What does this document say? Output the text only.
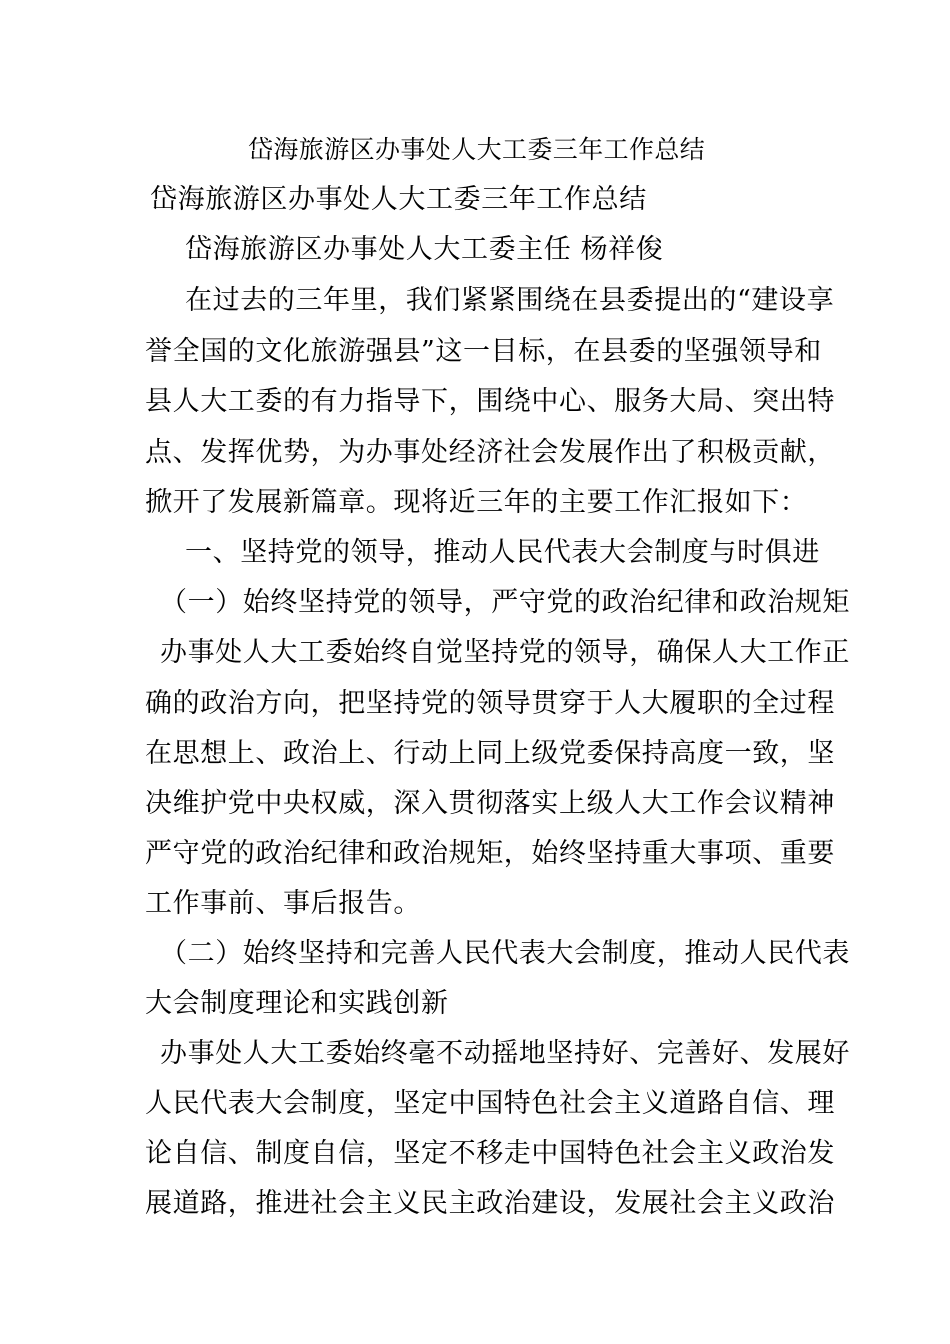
岱海旅游区办事处人大工委三年工作总结
岱海旅游区办事处人大工委三年工作总结
岱海旅游区办事处人大工委主任 杨祥俊
在过去的三年里，我们紧紧围绕在县委提出的“建设享
誉全国的文化旅游强县”这一目标，在县委的坚强领导和
县人大工委的有力指导下，围绕中心、服务大局、突出特
点、发挥优势，为办事处经济社会发展作出了积极贡献，
掀开了发展新篇章。现将近三年的主要工作汇报如下：
一、坚持党的领导，推动人民代表大会制度与时俱进
（一）始终坚持党的领导，严守党的政治纪律和政治规矩
办事处人大工委始终自觉坚持党的领导，确保人大工作正
确的政治方向，把坚持党的领导贯穿于人大履职的全过程
在思想上、政治上、行动上同上级党委保持高度一致，坚
决维护党中央权威，深入贯彻落实上级人大工作会议精神
严守党的政治纪律和政治规矩，始终坚持重大事项、重要
工作事前、事后报告。
（二）始终坚持和完善人民代表大会制度，推动人民代表
大会制度理论和实践创新
办事处人大工委始终毫不动摇地坚持好、完善好、发展好
人民代表大会制度，坚定中国特色社会主义道路自信、理
论自信、制度自信，坚定不移走中国特色社会主义政治发
展道路，推进社会主义民主政治建设，发展社会主义政治
